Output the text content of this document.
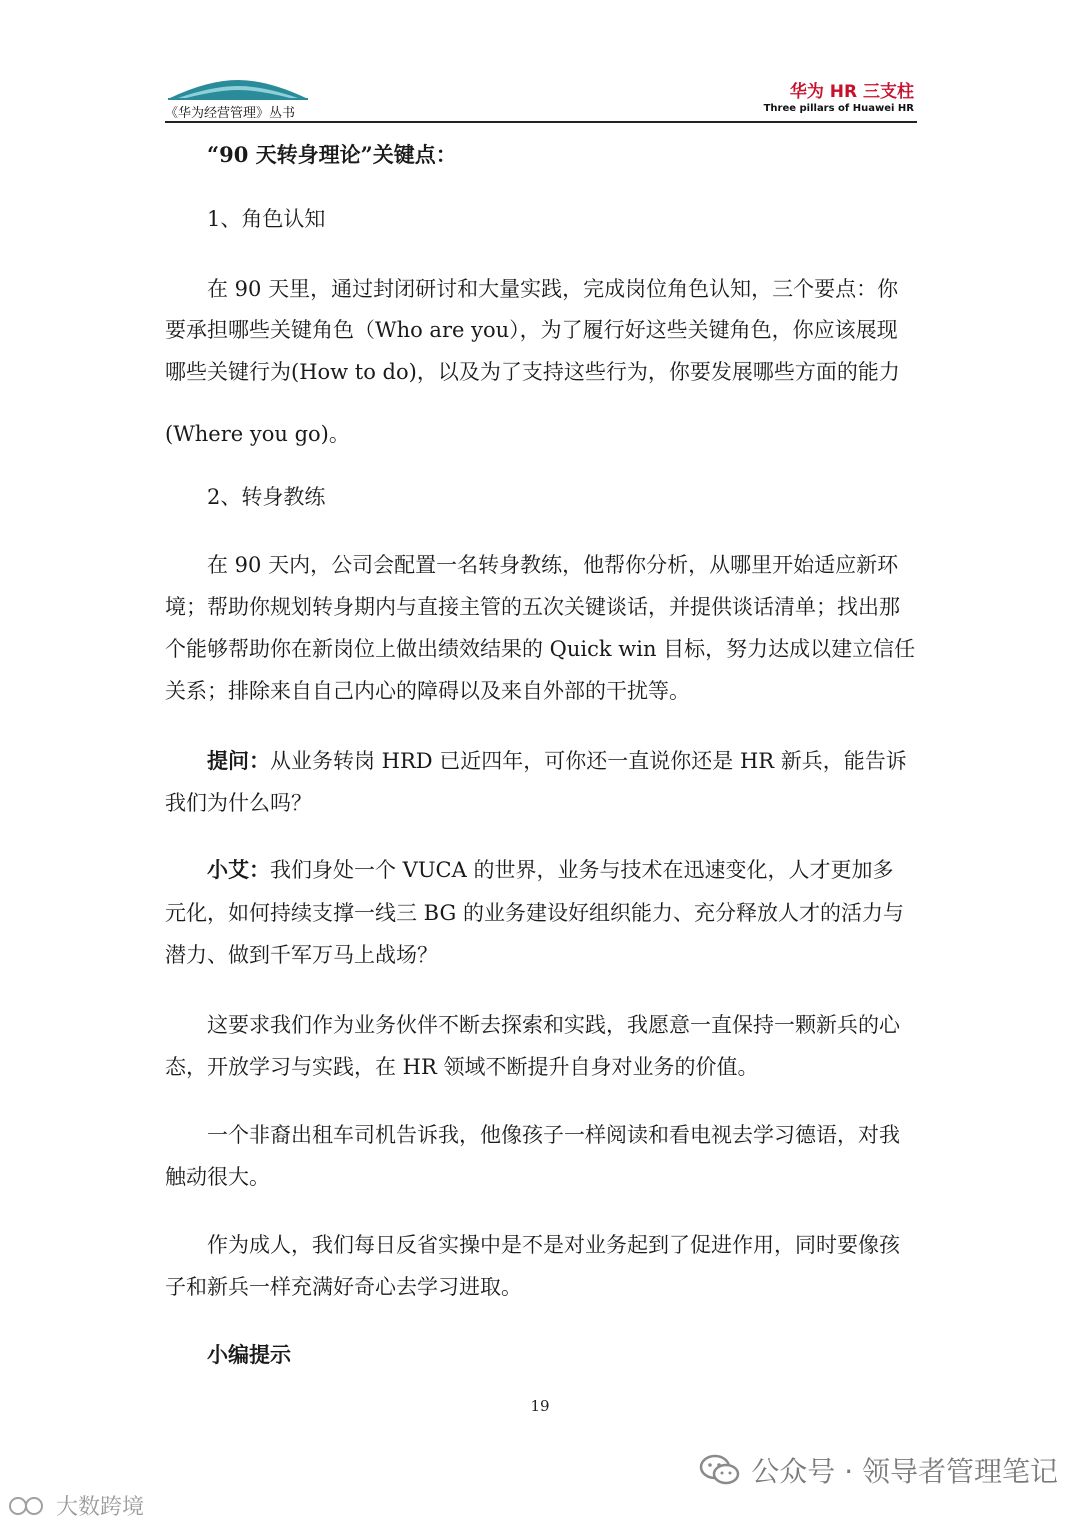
《华为经营管理》丛书
华为 HR 三支柱
Three pillars of Huawei HR

“90 天转身理论”关键点：

1、角色认知

在 90 天里，通过封闭研讨和大量实践，完成岗位角色认知，三个要点：你

要承担哪些关键角色（Who are you），为了履行好这些关键角色，你应该展现

哪些关键行为(How to do)，以及为了支持这些行为，你要发展哪些方面的能力

(Where you go)。

2、转身教练

在 90 天内，公司会配置一名转身教练，他帮你分析，从哪里开始适应新环

境；帮助你规划转身期内与直接主管的五次关键谈话，并提供谈话清单；找出那

个能够帮助你在新岗位上做出绩效结果的 Quick win 目标，努力达成以建立信任

关系；排除来自自己内心的障碍以及来自外部的干扰等。

提问：从业务转岗 HRD 已近四年，可你还一直说你还是 HR 新兵，能告诉

我们为什么吗？

小艾：我们身处一个 VUCA 的世界，业务与技术在迅速变化，人才更加多

元化，如何持续支撑一线三 BG 的业务建设好组织能力、充分释放人才的活力与

潜力、做到千军万马上战场？

这要求我们作为业务伙伴不断去探索和实践，我愿意一直保持一颗新兵的心

态，开放学习与实践，在 HR 领域不断提升自身对业务的价值。

一个非裔出租车司机告诉我，他像孩子一样阅读和看电视去学习德语，对我

触动很大。

作为成人，我们每日反省实操中是不是对业务起到了促进作用，同时要像孩

子和新兵一样充满好奇心去学习进取。

小编提示

19
公众号 · 领导者管理笔记
大数跨境
